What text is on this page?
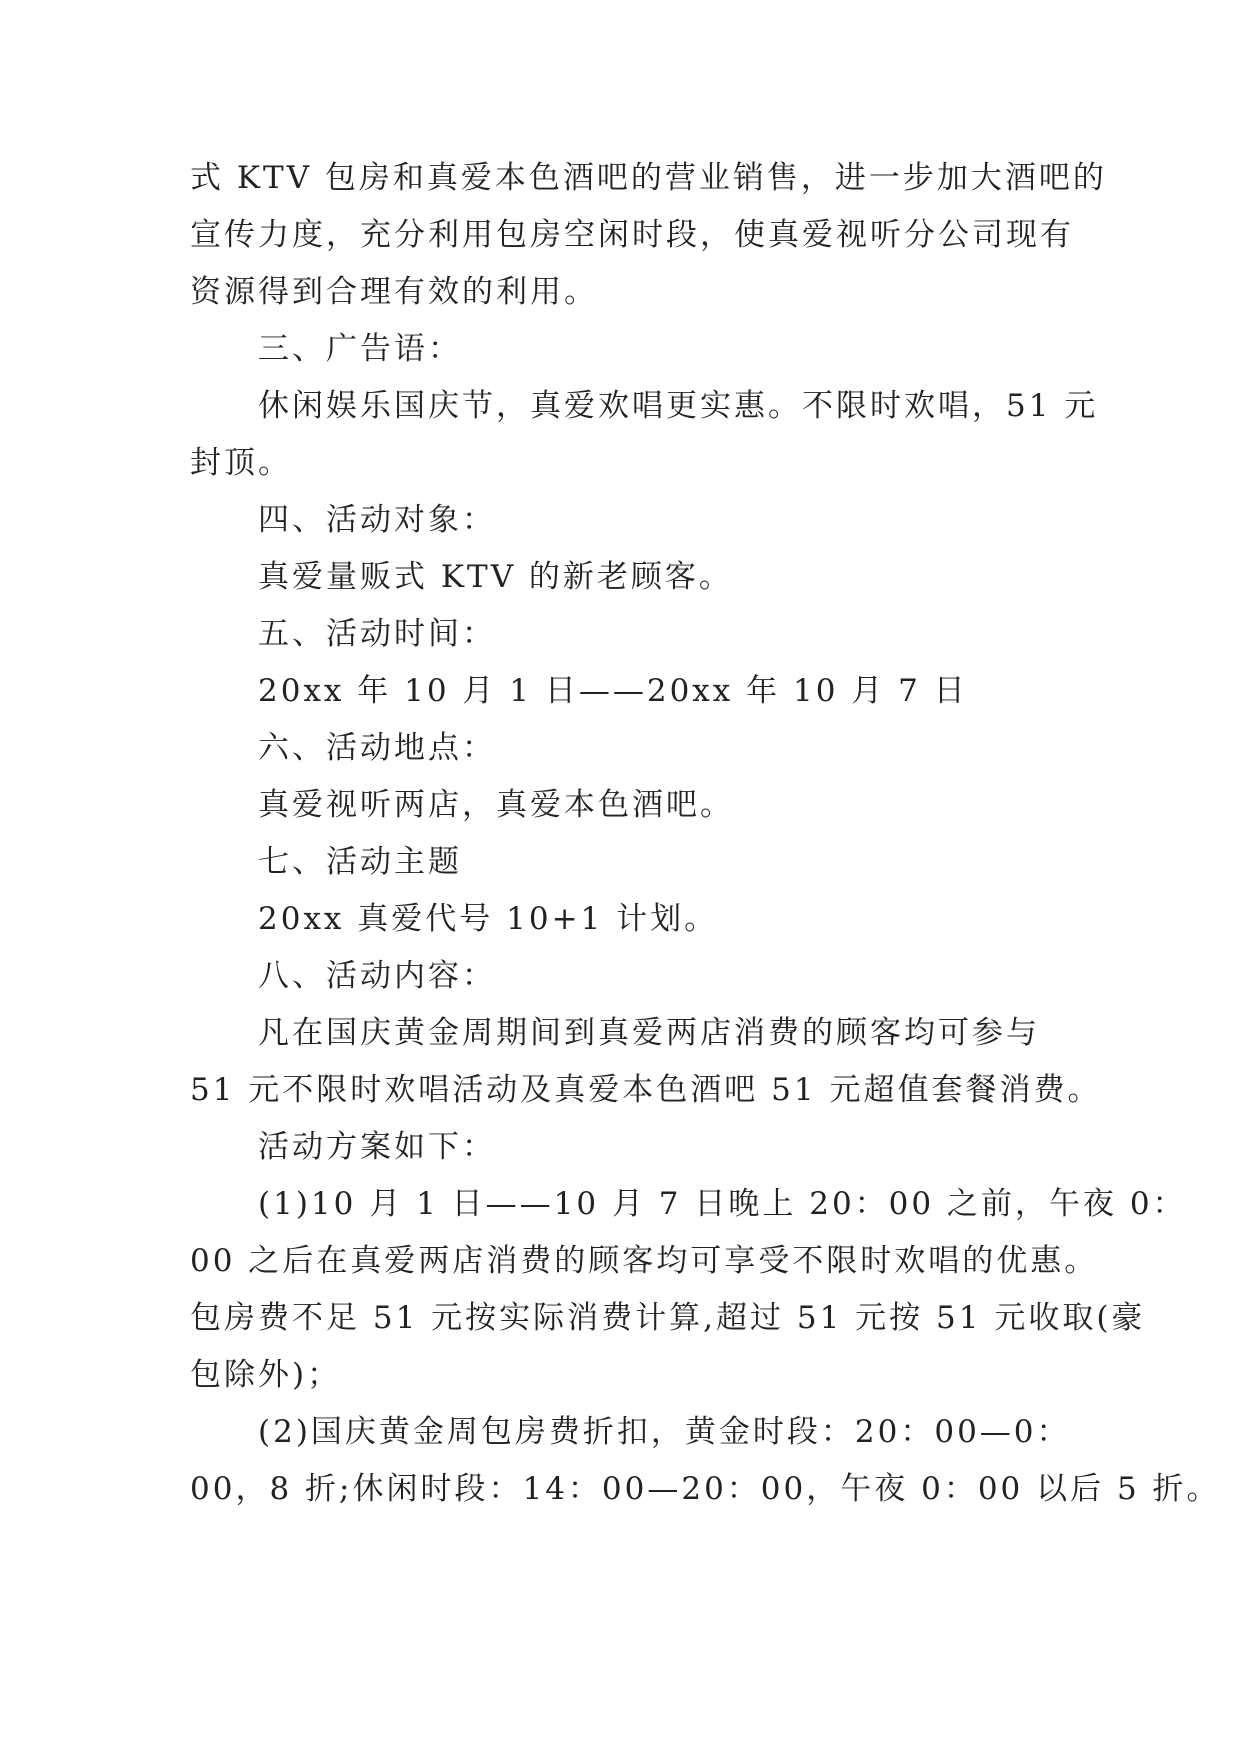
式 KTV 包房和真爱本色酒吧的营业销售，进一步加大酒吧的
宣传力度，充分利用包房空闲时段，使真爱视听分公司现有
资源得到合理有效的利用。
三、广告语：
休闲娱乐国庆节，真爱欢唱更实惠。不限时欢唱，51 元
封顶。
四、活动对象：
真爱量贩式 KTV 的新老顾客。
五、活动时间：
20xx 年 10 月 1 日——20xx 年 10 月 7 日
六、活动地点：
真爱视听两店，真爱本色酒吧。
七、活动主题
20xx 真爱代号 10+1 计划。
八、活动内容：
凡在国庆黄金周期间到真爱两店消费的顾客均可参与
51 元不限时欢唱活动及真爱本色酒吧 51 元超值套餐消费。
活动方案如下：
(1)10 月 1 日——10 月 7 日晚上 20：00 之前，午夜 0：
00 之后在真爱两店消费的顾客均可享受不限时欢唱的优惠。
包房费不足 51 元按实际消费计算,超过 51 元按 51 元收取(豪
包除外)；
(2)国庆黄金周包房费折扣，黄金时段：20：00—0：
00，8 折;休闲时段：14：00—20：00，午夜 0：00 以后 5 折。
